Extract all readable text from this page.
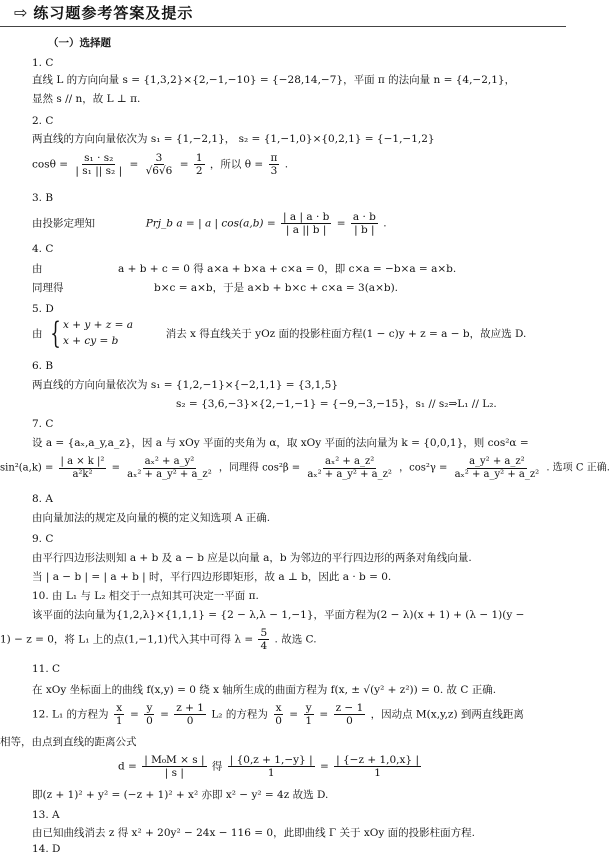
⇨ 练习题参考答案及提示
（一）选择题
1. C
直线 L 的方向向量 s = {1,3,2}×{2,−1,−10} = {−28,14,−7}，平面 π 的法向量 n = {4,−2,1}，
显然 s // n，故 L ⊥ π.
2. C
两直线的方向向量依次为 s₁ = {1,−2,1}， s₂ = {1,−1,0}×{0,2,1} = {−1,−1,2}
$\cos\theta = \frac{\text{s₁ · s₂}}{\text{| s₁ || s₂ |}} = \frac{3}{√6√6} = \frac{1}{2}$ ，所以 $\theta = \frac{\pi}{3}$ .
3. B
由投影定理知	Prj_b a = | a | $\cos(a,b) = \frac{| a | a \cdot b}{| a || b |} = \frac{a \cdot b}{| b |}$ .
4. C
由	a + b + c = 0 得 a×a + b×a + c×a = 0，即 c×a = −b×a = a×b.
同理得	b×c = a×b，于是 a×b + b×c + c×a = 3(a×b).
5. D
由 { x + y + z = a
x + cy = b
消去 x 得直线关于 yOz 面的投影柱面方程(1 − c)y + z = a − b，故应选 D.
6. B
两直线的方向向量依次为 s₁ = {1,2,−1}×{−2,1,1} = {3,1,5}
s₂ = {3,6,−3}×{2,−1,−1} = {−9,−3,−15}，s₁ // s₂⇒L₁ // L₂.
7. C
设 a = {aₓ,a_y,a_z}，因 a 与 xOy 平面的夹角为 α，取 xOy 平面的法向量为 k = {0,0,1}，则 cos²α =
$\sin^2(a,k) = \frac{\text{| a × k |²}}{\text{a²k²}} = \frac{\text{aₓ² + a\_y²}}{\text{aₓ² + a\_y² + a\_z²}}$ ，同理得 $\cos^2\beta = \frac{\text{aₓ² + a\_z²}}{\text{aₓ² + a\_y² + a\_z²}}$ ，$\cos^2\gamma = \frac{\text{a\_y² + a\_z²}}{\text{aₓ² + a\_y² + a\_z²}}$ . 选项 C 正确.
8. A
由向量加法的规定及向量的模的定义知选项 A 正确.
9. C
由平行四边形法则知 a + b 及 a − b 应是以向量 a，b 为邻边的平行四边形的两条对角线向量.
当 | a − b | = | a + b | 时，平行四边形即矩形，故 a ⊥ b，因此 a · b = 0.
10. 由 L₁ 与 L₂ 相交于一点知其可决定一平面 π.
该平面的法向量为{1,2,λ}×{1,1,1} = {2 − λ,λ − 1,−1}，平面方程为(2 − λ)(x + 1) + (λ − 1)(y −
1) − z = 0，将 L₁ 上的点(1,−1,1)代入其中可得 $\lambda = \frac{5}{4}$ . 故选 C.
11. C
在 xOy 坐标面上的曲线 f(x,y) = 0 绕 x 轴所生成的曲面方程为 f(x, ± √(y² + z²)) = 0. 故 C 正确.
12. L₁ 的方程为 $\frac{x}{1} = \frac{y}{0} = \frac{z + 1}{0} L_2$ 的方程为 $\frac{x}{0} = \frac{y}{1} = \frac{z - 1}{0}$ ，因动点 M(x,y,z) 到两直线距离
相等，由点到直线的距离公式
$d = \frac{\text{| M₀M × s |}}{| s |}$ 得 $\frac{| \{0,z + 1,-y\} |}{1} = \frac{| \{-z + 1,0,x\} |}{1}$
即(z + 1)² + y² = (−z + 1)² + x² 亦即 x² − y² = 4z 故选 D.
13. A
由已知曲线消去 z 得 x² + 20y² − 24x − 116 = 0，此即曲线 Γ 关于 xOy 面的投影柱面方程.
14. D
